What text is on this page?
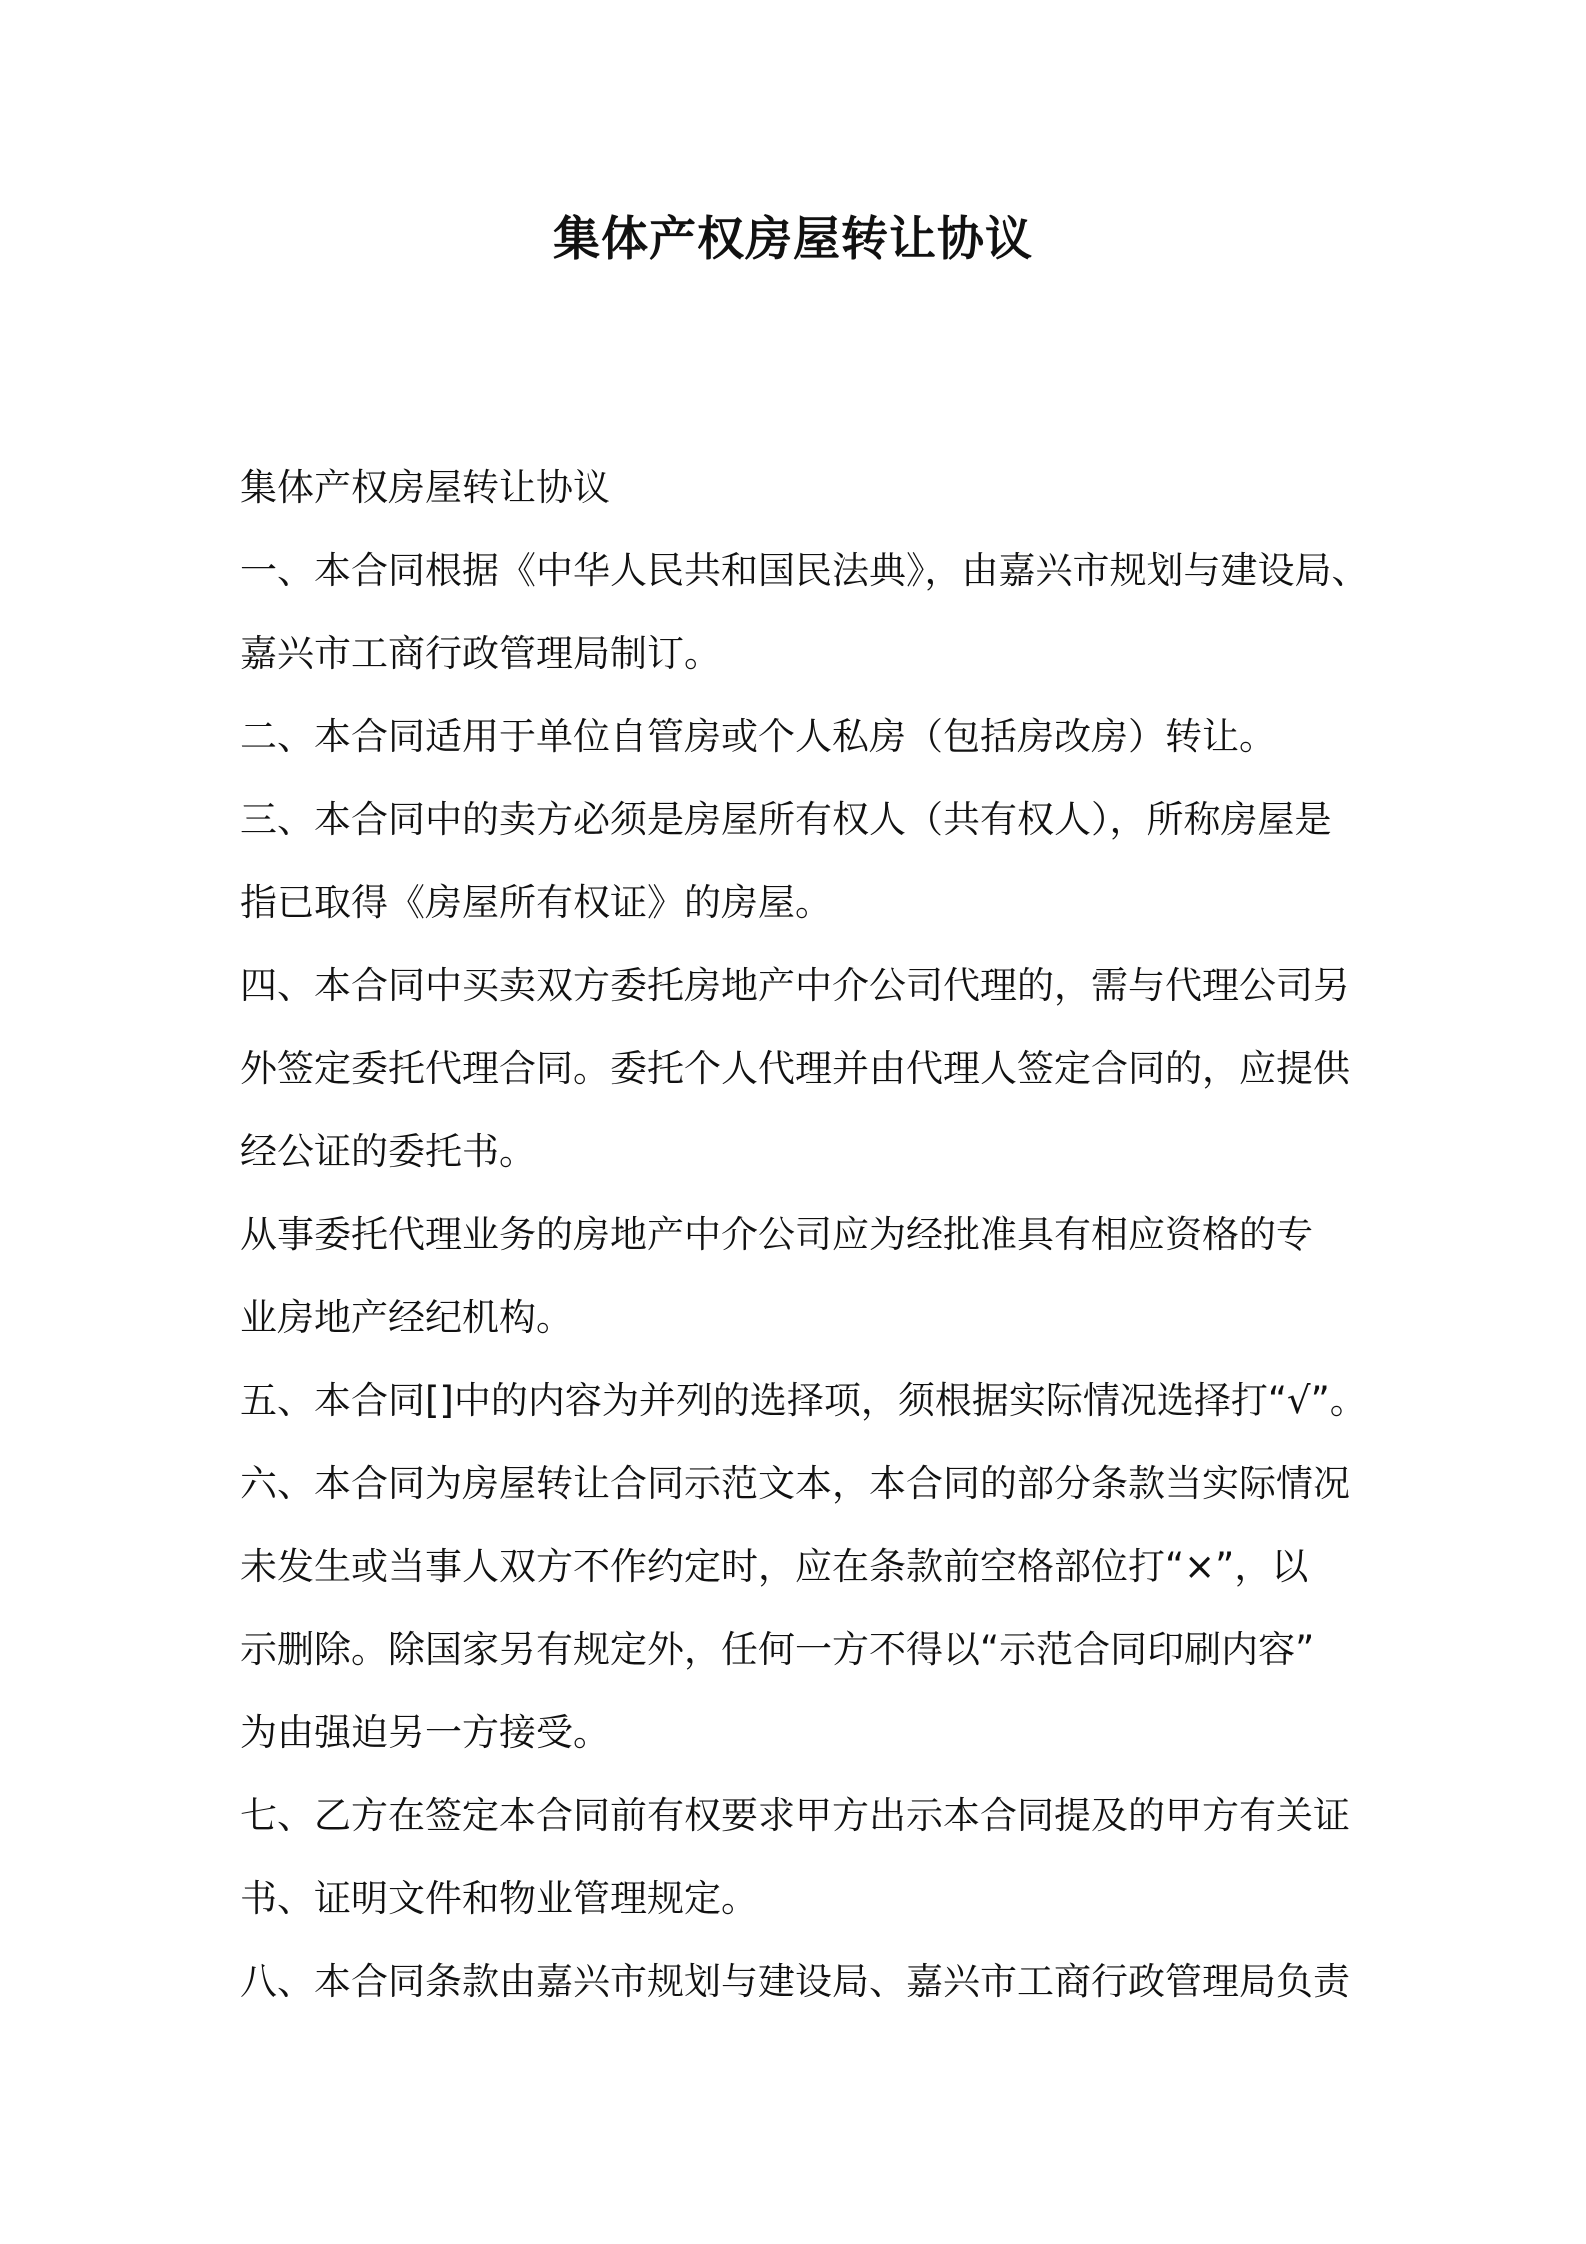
集体产权房屋转让协议
集体产权房屋转让协议
一、本合同根据《中华人民共和国民法典》，由嘉兴市规划与建设局、
嘉兴市工商行政管理局制订。
二、本合同适用于单位自管房或个人私房（包括房改房）转让。
三、本合同中的卖方必须是房屋所有权人（共有权人），所称房屋是
指已取得《房屋所有权证》的房屋。
四、本合同中买卖双方委托房地产中介公司代理的，需与代理公司另
外签定委托代理合同。委托个人代理并由代理人签定合同的，应提供
经公证的委托书。
从事委托代理业务的房地产中介公司应为经批准具有相应资格的专
业房地产经纪机构。
五、本合同[]中的内容为并列的选择项，须根据实际情况选择打“√”。
六、本合同为房屋转让合同示范文本，本合同的部分条款当实际情况
未发生或当事人双方不作约定时，应在条款前空格部位打“×”，以
示删除。除国家另有规定外，任何一方不得以“示范合同印刷内容”
为由强迫另一方接受。
七、乙方在签定本合同前有权要求甲方出示本合同提及的甲方有关证
书、证明文件和物业管理规定。
八、本合同条款由嘉兴市规划与建设局、嘉兴市工商行政管理局负责
